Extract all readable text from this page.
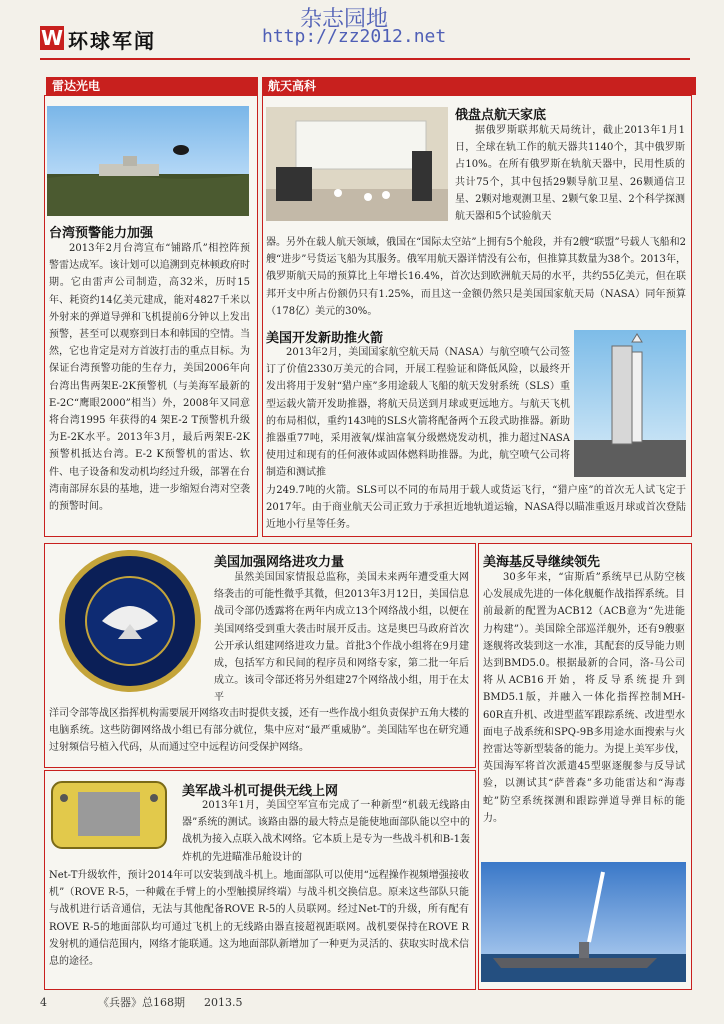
W 环球军闻
杂志园地
http://zz2012.net
雷达光电	航天高科
台湾预警能力加强
2013年2月台湾宣布“铺路爪”相控阵预警雷达成军。该计划可以追溯到克林顿政府时期。它由雷声公司制造，高32米，历时15年、耗资约14亿美元建成，能对4827千米以外射来的弹道导弹和飞机提前6分钟以上发出预警，甚至可以观察到日本和韩国的空情。当然，它也肯定是对方首波打击的重点目标。为保证台湾预警功能的生存力，美国2006年向台湾出售两架E-2K预警机（与美海军最新的E-2C“鹰眼2000”相当）外，2008年又同意将台湾1995 年获得的4 架E-2 T预警机升级为E-2K水平。2013年3月，最后两架E-2K预警机抵达台湾。E-2 K预警机的雷达、软件、电子设备和发动机均经过升级，部署在台湾南部屏东县的基地，进一步缩短台湾对空袭的预警时间。
俄盘点航天家底
据俄罗斯联邦航天局统计，截止2013年1月1日，全球在轨工作的航天器共1140个，其中俄罗斯占10%。在所有俄罗斯在轨航天器中，民用性质的共计75个，其中包括29颗导航卫星、26颗通信卫星、2颗对地观测卫星、2颗气象卫星、2个科学探测航天器和5个试验航天
器。另外在载人航天领域，俄国在“国际太空站”上拥有5个舱段，并有2艘“联盟”号载人飞船和2艘“进步”号货运飞船为其服务。俄军用航天器详情没有公布，但推算其数量为38个。2013年，俄罗斯航天局的预算比上年增长16.4%，首次达到欧洲航天局的水平，共约55亿美元，但在联邦开支中所占份额仍只有1.25%，而且这一金额仍然只是美国国家航天局（NASA）同年预算（178亿）美元的30%。
美国开发新助推火箭
2013年2月，美国国家航空航天局（NASA）与航空喷气公司签订了价值2330万美元的合同，开展工程验证和降低风险，以最终开发出将用于发射“猎户座”多用途载人飞船的航天发射系统（SLS）重型运载火箭开发助推器，将航天员送到月球或更远地方。与航天飞机的布局相似，重约143吨的SLS火箭将配备两个五段式助推器。新助推器重77吨，采用液氧/煤油富氧分级燃烧发动机，推力超过NASA使用过和现有的任何液体或固体燃料助推器。为此，航空喷气公司将制造和测试推
力249.7吨的火箭。SLS可以不同的布局用于载人或货运飞行，“猎户座”的首次无人试飞定于2017年。由于商业航天公司正致力于承担近地轨道运输，NASA得以瞄准重返月球或首次登陆近地小行星等任务。
美国加强网络进攻力量
虽然美国国家情报总监称，美国未来两年遭受重大网络袭击的可能性微乎其微，但2013年3月12日，美国信息战司令部仍透露将在两年内成立13个网络战小组，以便在美国网络受到重大袭击时展开反击。这是奥巴马政府首次公开承认组建网络进攻力量。首批3个作战小组将在9月建成，包括军方和民间的程序员和网络专家，第二批一年后成立。该司令部还将另外组建27个网络战小组，用于在太平
洋司令部等战区指挥机构需要展开网络攻击时提供支援，还有一些作战小组负责保护五角大楼的电脑系统。这些防御网络战小组已有部分就位，集中应对“最严重威胁”。美国陆军也在研究通过射频信号植入代码，从而通过空中远程访问受保护网络。
美军战斗机可提供无线上网
2013年1月，美国空军宣布完成了一种新型“机载无线路由器”系统的测试。该路由器的最大特点是能使地面部队能以空中的战机为接入点联入战术网络。它本质上是专为一些战斗机和B-1轰炸机的先进瞄准吊舱设计的
Net-T升级软件，预计2014年可以安装到战斗机上。地面部队可以使用“远程操作视频增强接收机”（ROVE R-5，一种戴在手臂上的小型触摸屏终端）与战斗机交换信息。原来这些部队只能与战机进行话音通信，无法与其他配备ROVE R-5的人员联网。经过Net-T的升级，所有配有ROVE R-5的地面部队均可通过飞机上的无线路由器直接超视距联网。战机要保持在ROVE R发射机的通信范围内，网络才能联通。这为地面部队新增加了一种更为灵活的、获取实时战术信息的途径。
美海基反导继续领先
30多年来，“宙斯盾”系统早已从防空核心发展成先进的一体化舰艇作战指挥系统。目前最新的配置为ACB12（ACB意为“先进能力构建”）。美国除全部巡洋舰外，还有9艘驱逐舰将改装到这一水准，其配套的反导能力则达到BMD5.0。根据最新的合同，洛-马公司将从ACB16开始，将反导系统提升到BMD5.1版，并融入一体化指挥控制MH-60R直升机、改进型蓝军跟踪系统、改进型水面电子战系统和SPQ-9B多用途水面搜索与火控雷达等新型装备的能力。为提上美军步伐，英国海军将首次派遣45型驱逐舰参与反导试验，以测试其“萨普森”多功能雷达和“海毒蛇”防空系统探测和跟踪弹道导弹目标的能力。
4	《兵器》总168期 2013.5
